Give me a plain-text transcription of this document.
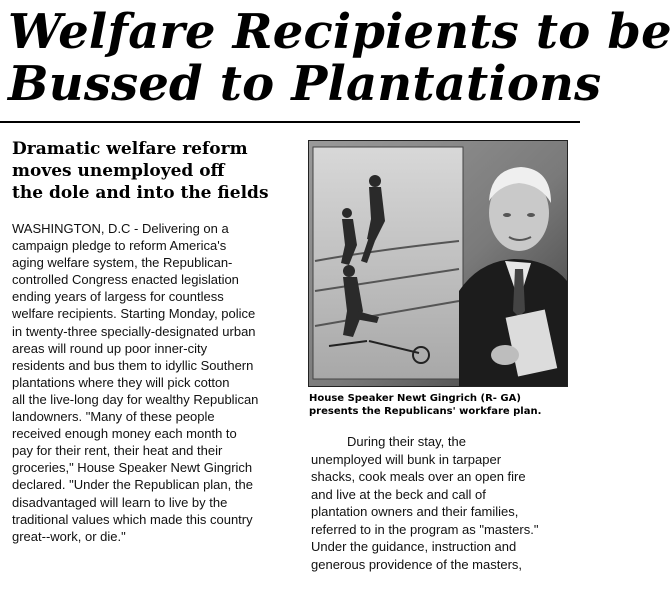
Welfare Recipients to be
Bussed to Plantations
Dramatic welfare reform
moves unemployed off
the dole and into the fields
WASHINGTON, D.C - Delivering on a
campaign pledge to reform America's
aging welfare system, the Republican-
controlled Congress enacted legislation
ending years of largess for countless
welfare recipients. Starting Monday, police
in twenty-three specially-designated urban
areas will round up poor inner-city
residents and bus them to idyllic Southern
plantations where they will pick cotton
all the live-long day for wealthy Republican
landowners. "Many of these people
received enough money each month to
pay for their rent, their heat and their
groceries," House Speaker Newt Gingrich
declared. "Under the Republican plan, the
disadvantaged will learn to live by the
traditional values which made this country
great--work, or die."
House Speaker Newt Gingrich (R- GA)
presents the Republicans' workfare plan.
During their stay, the
unemployed will bunk in tarpaper
shacks, cook meals over an open fire
and live at the beck and call of
plantation owners and their families,
referred to in the program as "masters."
Under the guidance, instruction and
generous providence of the masters,
